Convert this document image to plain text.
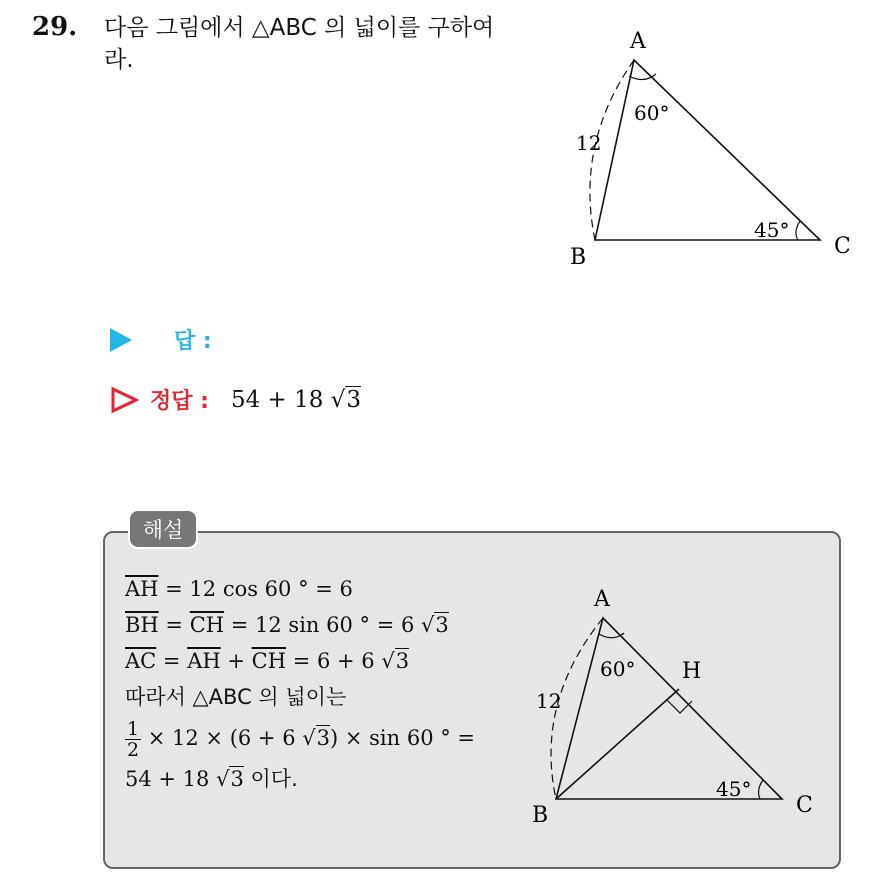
29. 다음 그림에서 △ABC 의 넓이를 구하여
라.
A
B	C
12
60°
45°
답 :
정답 : 54 + 18 √3
해설
$\overline{AH} = 12$ cos 60 ° = 6
$\overline{BH} = \overline{CH} = 12$ sin 60 ° = 6 √3
$\overline{AC} = \overline{AH} + \overline{CH} = 6 + 6$ √3
따라서 △ABC 의 넓이는
$\frac{1}{2} \times 12 \times (6 + 6$ √3) × sin 60 ° =
54 + 18 √3 이다.
A
B	C
H
12
60°
45°
